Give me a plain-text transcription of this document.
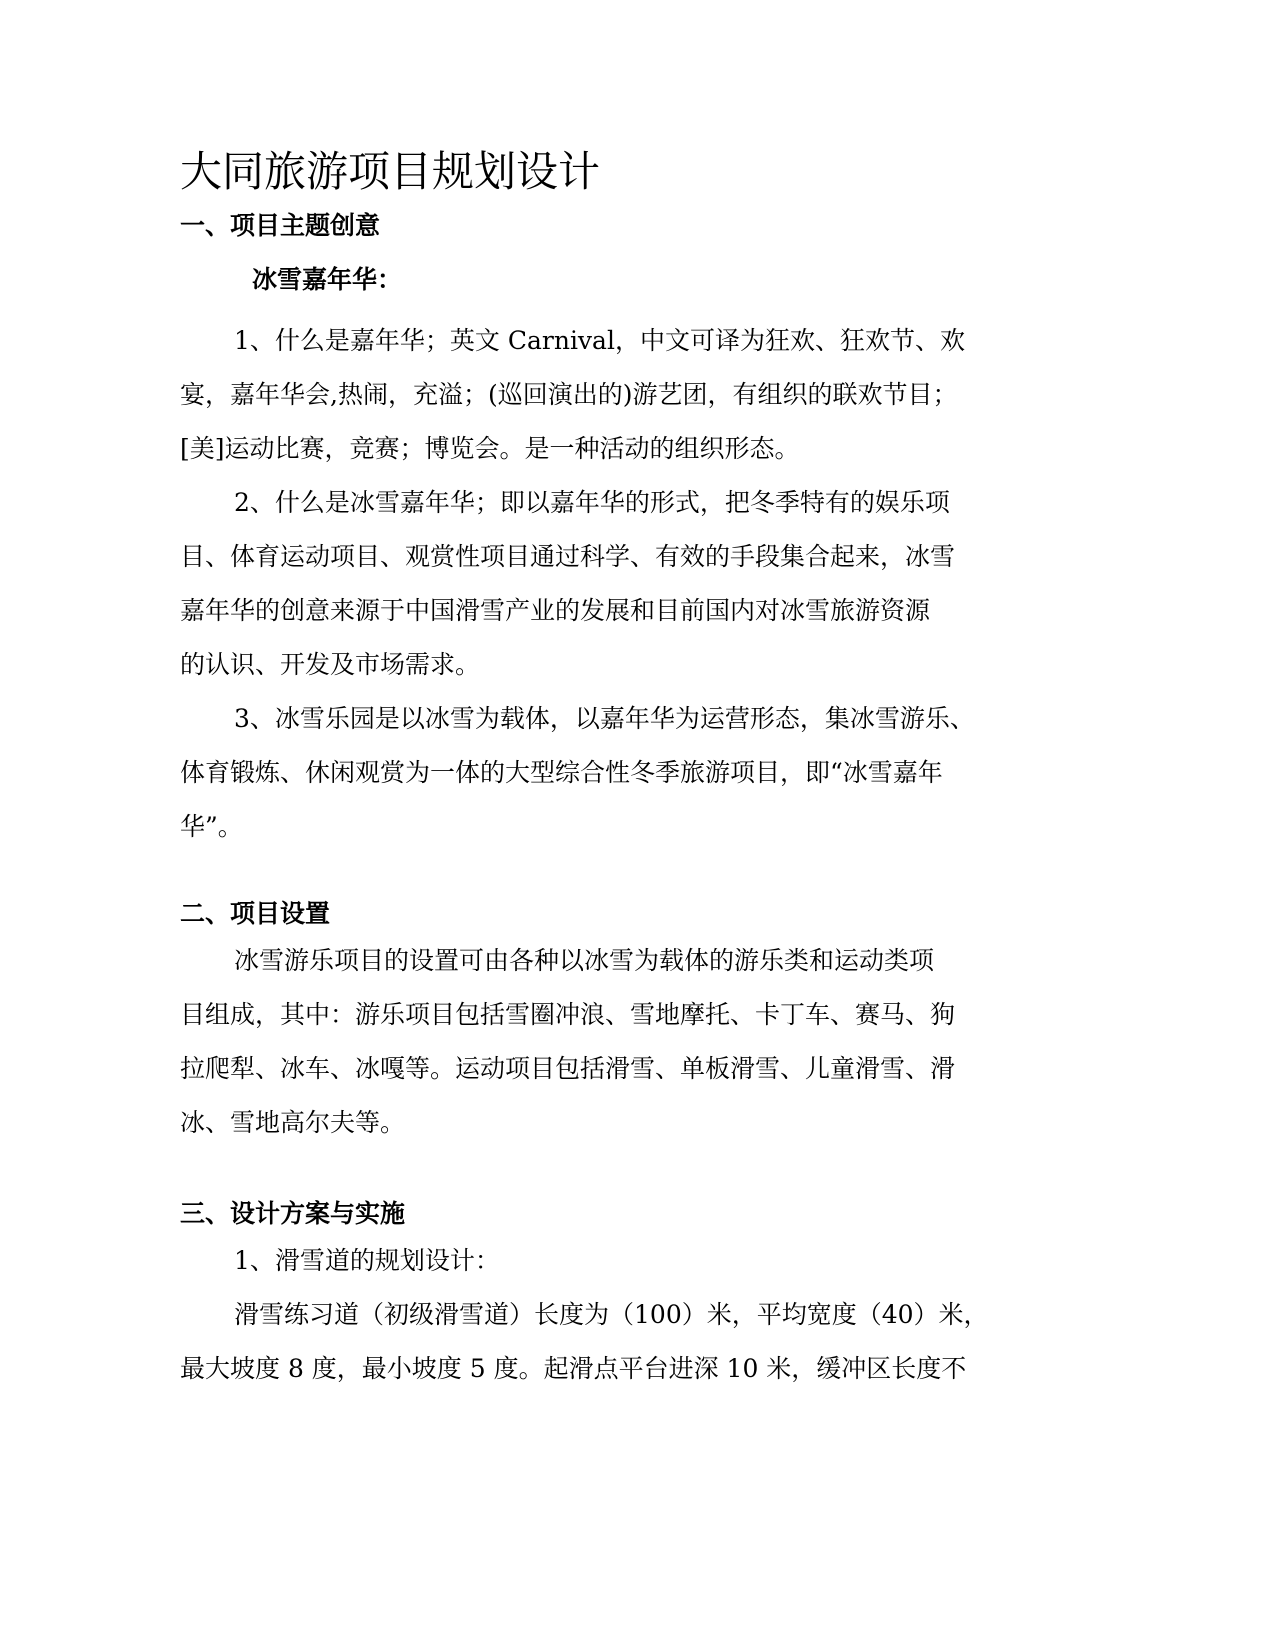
大同旅游项目规划设计
一、项目主题创意
冰雪嘉年华：

1、什么是嘉年华；英文 Carnival，中文可译为狂欢、狂欢节、欢
宴，嘉年华会,热闹，充溢；(巡回演出的)游艺团，有组织的联欢节目；
[美]运动比赛，竞赛；博览会。是一种活动的组织形态。

2、什么是冰雪嘉年华；即以嘉年华的形式，把冬季特有的娱乐项
目、体育运动项目、观赏性项目通过科学、有效的手段集合起来，冰雪
嘉年华的创意来源于中国滑雪产业的发展和目前国内对冰雪旅游资源
的认识、开发及市场需求。

3、冰雪乐园是以冰雪为载体，以嘉年华为运营形态，集冰雪游乐、
体育锻炼、休闲观赏为一体的大型综合性冬季旅游项目，即“冰雪嘉年
华”。

二、项目设置

冰雪游乐项目的设置可由各种以冰雪为载体的游乐类和运动类项
目组成，其中：游乐项目包括雪圈冲浪、雪地摩托、卡丁车、赛马、狗
拉爬犁、冰车、冰嘎等。运动项目包括滑雪、单板滑雪、儿童滑雪、滑
冰、雪地高尔夫等。

三、设计方案与实施

1、滑雪道的规划设计：

滑雪练习道（初级滑雪道）长度为（100）米，平均宽度（40）米，
最大坡度 8 度，最小坡度 5 度。起滑点平台进深 10 米，缓冲区长度不
